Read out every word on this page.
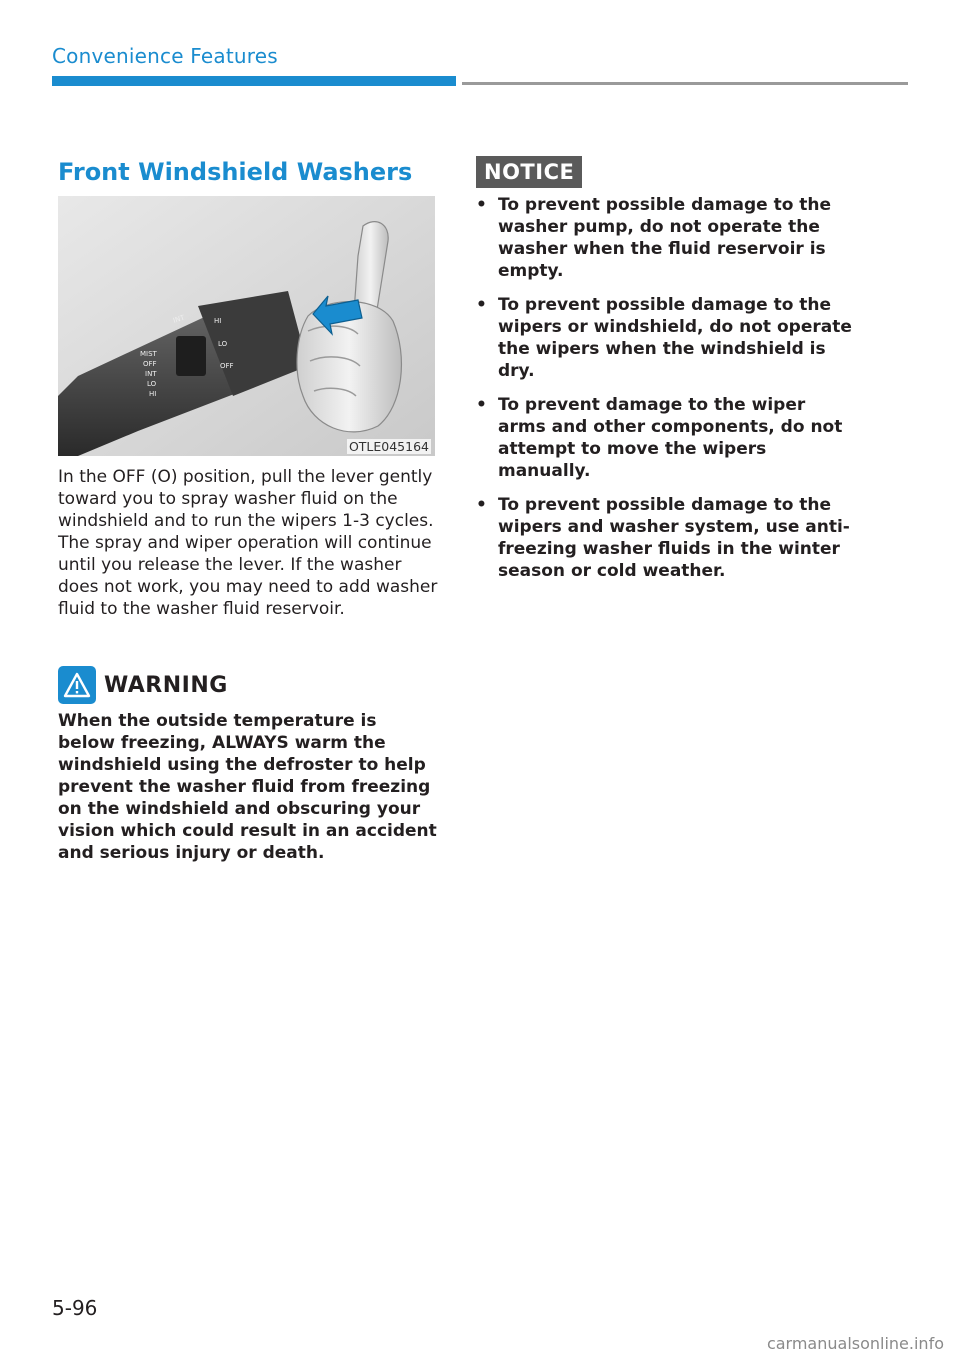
Convenience Features
Front Windshield Washers
INT	HI
LO
OFF
MIST
OFF
INT
LO
HI
OTLE045164
In the OFF (O) position, pull the lever gently toward you to spray washer fluid on the windshield and to run the wipers 1-3 cycles. The spray and wiper operation will continue until you release the lever. If the washer does not work, you may need to add washer fluid to the washer fluid reservoir.
WARNING
When the outside temperature is below freezing, ALWAYS warm the windshield using the defroster to help prevent the washer fluid from freezing on the windshield and obscuring your vision which could result in an accident and serious injury or death.
NOTICE
• To prevent possible damage to the washer pump, do not operate the washer when the fluid reservoir is empty.
• To prevent possible damage to the wipers or windshield, do not operate the wipers when the windshield is dry.
• To prevent damage to the wiper arms and other components, do not attempt to move the wipers manually.
• To prevent possible damage to the wipers and washer system, use anti-freezing washer fluids in the winter season or cold weather.
5-96
carmanualsonline.info
